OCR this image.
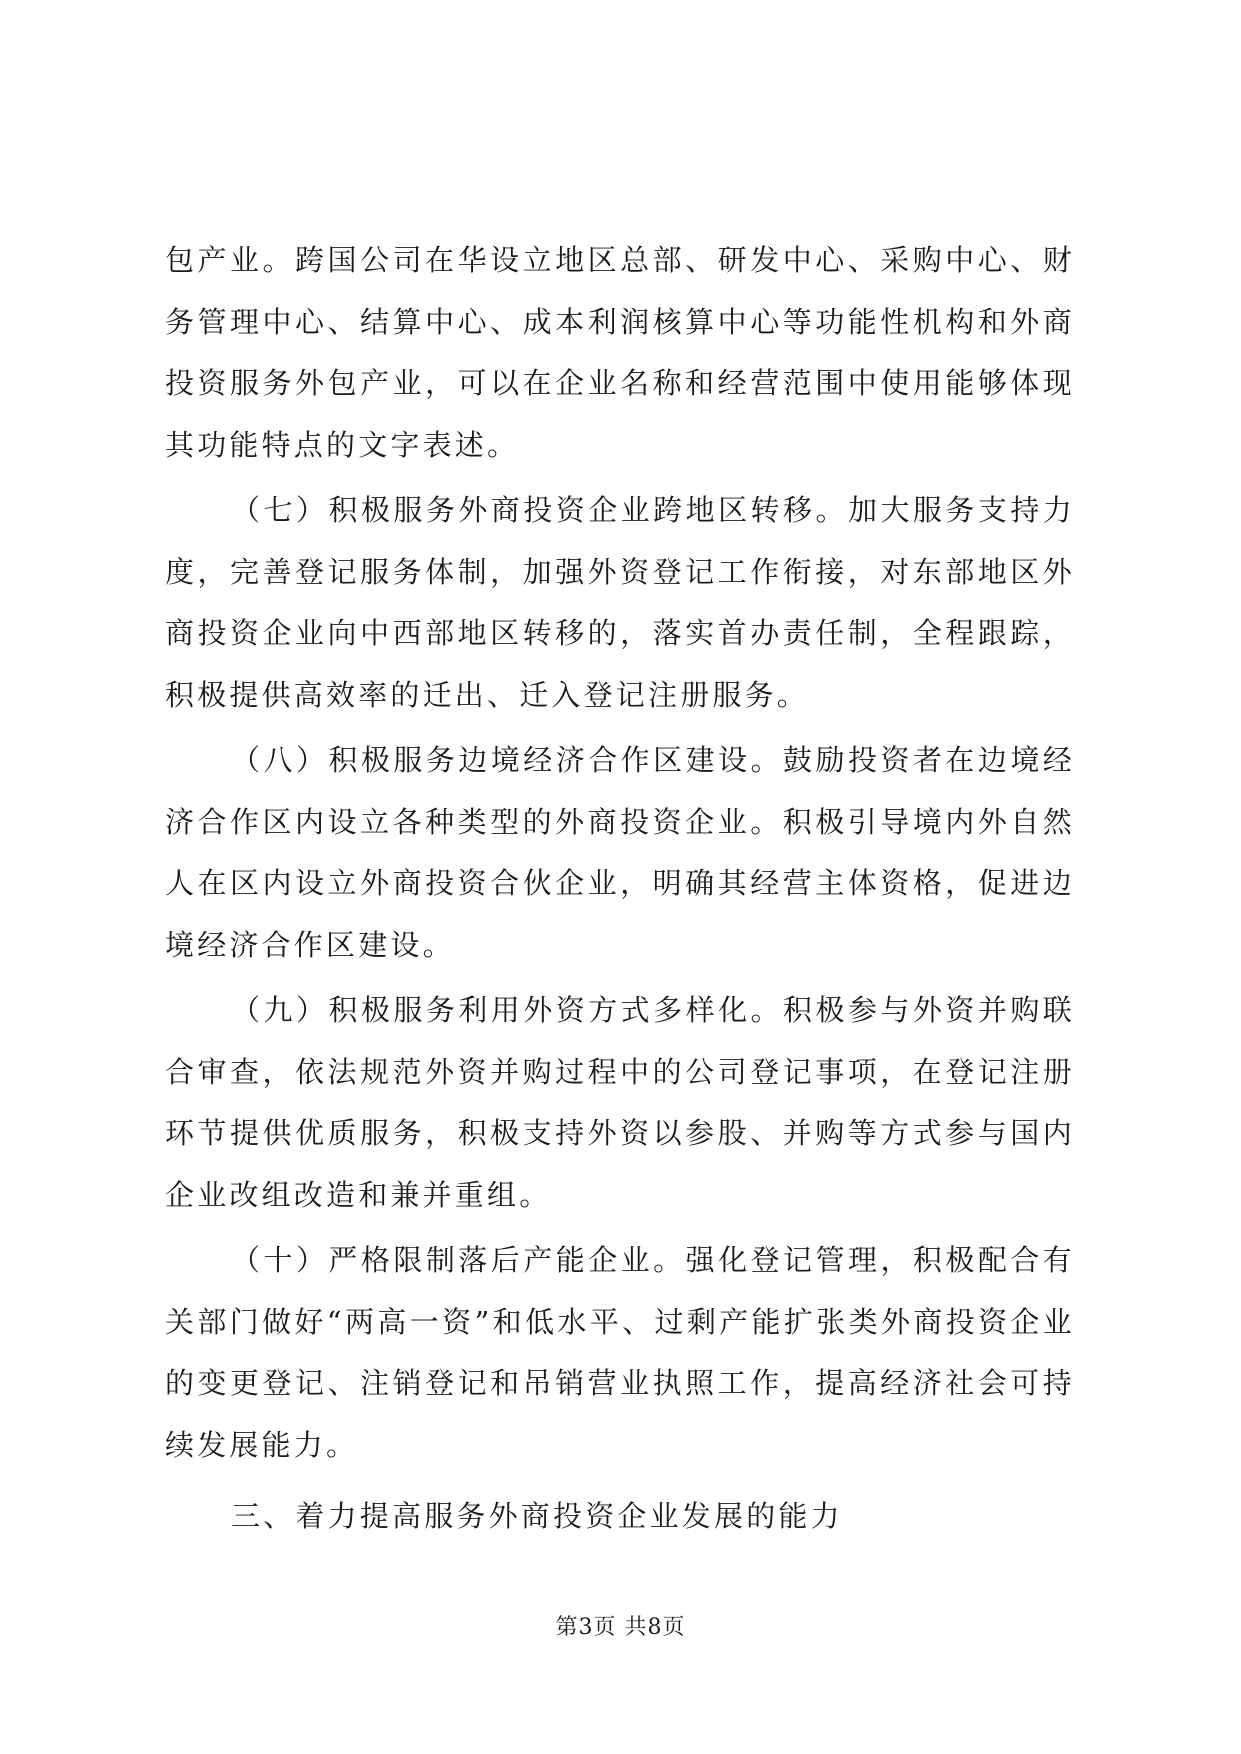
包产业。跨国公司在华设立地区总部、研发中心、采购中心、财务管理中心、结算中心、成本利润核算中心等功能性机构和外商投资服务外包产业，可以在企业名称和经营范围中使用能够体现其功能特点的文字表述。

（七）积极服务外商投资企业跨地区转移。加大服务支持力度，完善登记服务体制，加强外资登记工作衔接，对东部地区外商投资企业向中西部地区转移的，落实首办责任制，全程跟踪，积极提供高效率的迁出、迁入登记注册服务。

（八）积极服务边境经济合作区建设。鼓励投资者在边境经济合作区内设立各种类型的外商投资企业。积极引导境内外自然人在区内设立外商投资合伙企业，明确其经营主体资格，促进边境经济合作区建设。

（九）积极服务利用外资方式多样化。积极参与外资并购联合审查，依法规范外资并购过程中的公司登记事项，在登记注册环节提供优质服务，积极支持外资以参股、并购等方式参与国内企业改组改造和兼并重组。

（十）严格限制落后产能企业。强化登记管理，积极配合有关部门做好“两高一资”和低水平、过剩产能扩张类外商投资企业的变更登记、注销登记和吊销营业执照工作，提高经济社会可持续发展能力。

三、着力提高服务外商投资企业发展的能力

第3页 共8页
